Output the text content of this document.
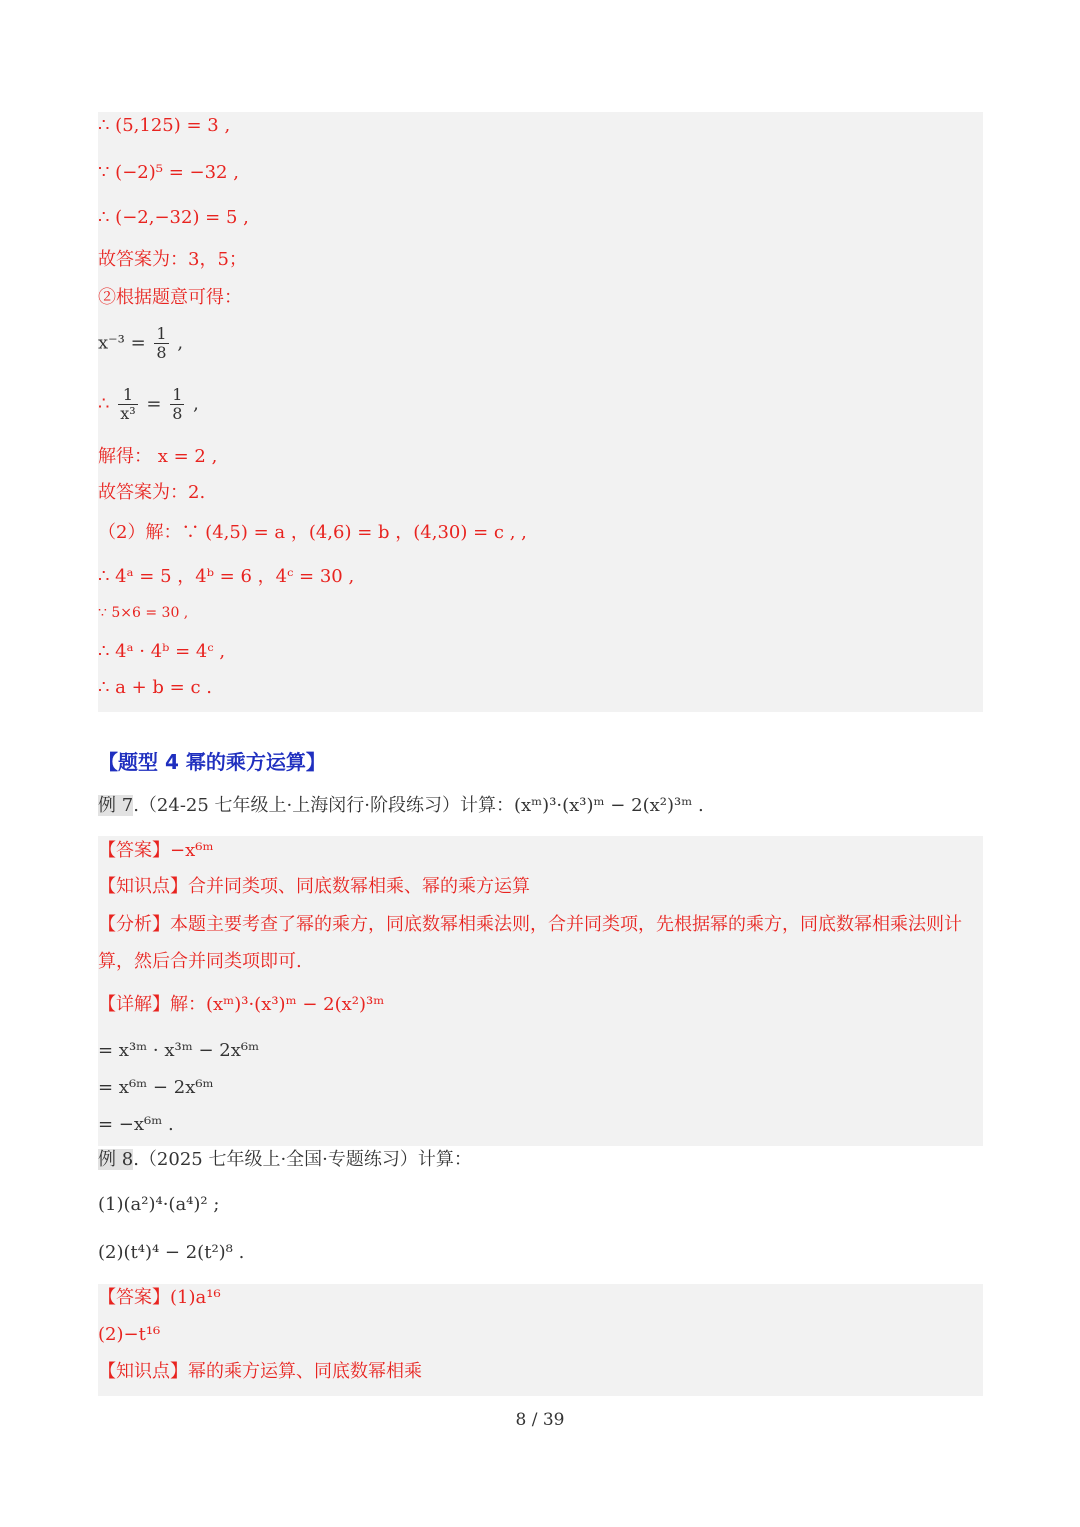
∴ (5,125) = 3 ,
∵ (−2)⁵ = −32 ,
∴ (−2,−32) = 5 ,
故答案为：3，5；
②根据题意可得：
$x^{-3} = \frac{1}{8}$ ,
∴ $\frac{1}{\text{x³}} = \frac{1}{8}$ ,
解得： x = 2 ,
故答案为：2.
（2）解：∵ (4,5) = a ，(4,6) = b ，(4,30) = c , ,
∴ 4ᵃ = 5 ，4ᵇ = 6 ，4ᶜ = 30 ,
∵ 5×6 = 30 ,
∴ 4ᵃ · 4ᵇ = 4ᶜ ,
∴ a + b = c .
【题型 4 幂的乘方运算】
例 7.（24-25 七年级上·上海闵行·阶段练习）计算：(xᵐ)³·(x³)ᵐ − 2(x²)³ᵐ .
【答案】−x⁶ᵐ
【知识点】合并同类项、同底数幂相乘、幂的乘方运算
【分析】本题主要考查了幂的乘方，同底数幂相乘法则，合并同类项，先根据幂的乘方，同底数幂相乘法则计算，然后合并同类项即可.
【详解】解：(xᵐ)³·(x³)ᵐ − 2(x²)³ᵐ
= x³ᵐ · x³ᵐ − 2x⁶ᵐ
= x⁶ᵐ − 2x⁶ᵐ
= −x⁶ᵐ .
例 8.（2025 七年级上·全国·专题练习）计算：
(1)(a²)⁴·(a⁴)² ;
(2)(t⁴)⁴ − 2(t²)⁸ .
【答案】(1)a¹⁶
(2)−t¹⁶
【知识点】幂的乘方运算、同底数幂相乘
8 / 39
